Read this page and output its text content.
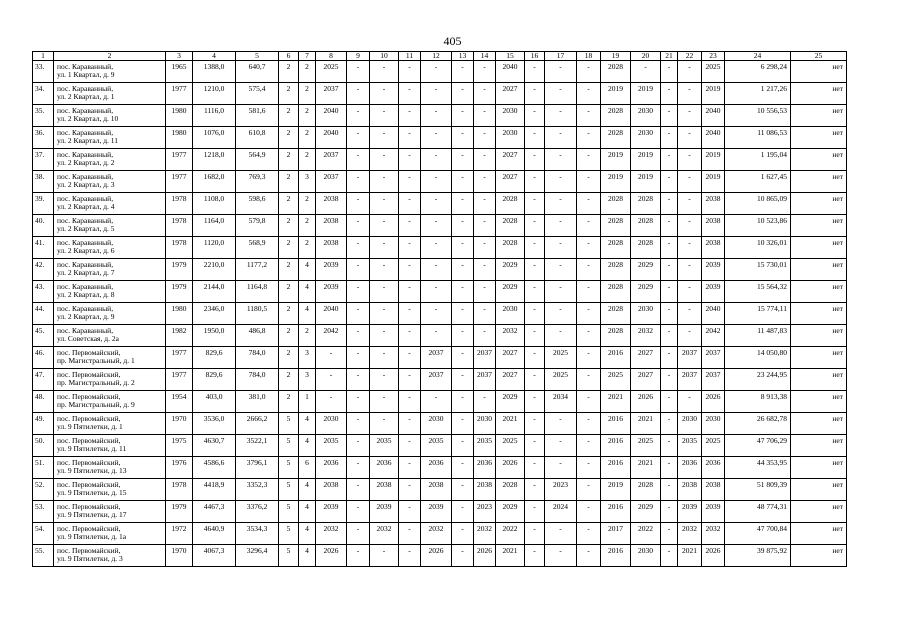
405
1	2	3	4	5	6	7	8	9	10	11	12	13	14	15	16	17	18	19	20	21	22	23	24	25
33.	пос. Караванный,
ул. 1 Квартал, д. 9	1965	1388,0	640,7	2	2	2025	-	-	-	-	-	-	2040	-	-	-	2028	-	-	-	2025	6 298,24	нет
34.	пос. Караванный,
ул. 2 Квартал, д. 1	1977	1210,0	575,4	2	2	2037	-	-	-	-	-	-	2027	-	-	-	2019	2019	-	-	2019	1 217,26	нет
35.	пос. Караванный,
ул. 2 Квартал, д. 10	1980	1116,0	581,6	2	2	2040	-	-	-	-	-	-	2030	-	-	-	2028	2030	-	-	2040	10 556,53	нет
36.	пос. Караванный,
ул. 2 Квартал, д. 11	1980	1076,0	610,8	2	2	2040	-	-	-	-	-	-	2030	-	-	-	2028	2030	-	-	2040	11 086,53	нет
37.	пос. Караванный,
ул. 2 Квартал, д. 2	1977	1218,0	564,9	2	2	2037	-	-	-	-	-	-	2027	-	-	-	2019	2019	-	-	2019	1 195,04	нет
38.	пос. Караванный,
ул. 2 Квартал, д. 3	1977	1682,0	769,3	2	3	2037	-	-	-	-	-	-	2027	-	-	-	2019	2019	-	-	2019	1 627,45	нет
39.	пос. Караванный,
ул. 2 Квартал, д. 4	1978	1108,0	598,6	2	2	2038	-	-	-	-	-	-	2028	-	-	-	2028	2028	-	-	2038	10 865,09	нет
40.	пос. Караванный,
ул. 2 Квартал, д. 5	1978	1164,0	579,8	2	2	2038	-	-	-	-	-	-	2028	-	-	-	2028	2028	-	-	2038	10 523,86	нет
41.	пос. Караванный,
ул. 2 Квартал, д. 6	1978	1120,0	568,9	2	2	2038	-	-	-	-	-	-	2028	-	-	-	2028	2028	-	-	2038	10 326,01	нет
42.	пос. Караванный,
ул. 2 Квартал, д. 7	1979	2210,0	1177,2	2	4	2039	-	-	-	-	-	-	2029	-	-	-	2028	2029	-	-	2039	15 730,01	нет
43.	пос. Караванный,
ул. 2 Квартал, д. 8	1979	2144,0	1164,8	2	4	2039	-	-	-	-	-	-	2029	-	-	-	2028	2029	-	-	2039	15 564,32	нет
44.	пос. Караванный,
ул. 2 Квартал, д. 9	1980	2346,0	1180,5	2	4	2040	-	-	-	-	-	-	2030	-	-	-	2028	2030	-	-	2040	15 774,11	нет
45.	пос. Караванный,
ул. Советская, д. 2а	1982	1950,0	486,8	2	2	2042	-	-	-	-	-	-	2032	-	-	-	2028	2032	-	-	2042	11 487,83	нет
46.	пос. Первомайский,
пр. Магистральный, д. 1	1977	829,6	784,0	2	3	-	-	-	-	2037	-	2037	2027	-	2025	-	2016	2027	-	2037	2037	14 050,80	нет
47.	пос. Первомайский,
пр. Магистральный, д. 2	1977	829,6	784,0	2	3	-	-	-	-	2037	-	2037	2027	-	2025	-	2025	2027	-	2037	2037	23 244,95	нет
48.	пос. Первомайский,
пр. Магистральный, д. 9	1954	403,0	381,0	2	1	-	-	-	-	-	-	-	2029	-	2034	-	2021	2026	-	-	2026	8 913,38	нет
49.	пос. Первомайский,
ул. 9 Пятилетки, д. 1	1970	3536,0	2666,2	5	4	2030	-	-	-	2030	-	2030	2021	-	-	-	2016	2021	-	2030	2030	26 682,78	нет
50.	пос. Первомайский,
ул. 9 Пятилетки, д. 11	1975	4630,7	3522,1	5	4	2035	-	2035	-	2035	-	2035	2025	-	-	-	2016	2025	-	2035	2025	47 706,29	нет
51.	пос. Первомайский,
ул. 9 Пятилетки, д. 13	1976	4586,6	3796,1	5	6	2036	-	2036	-	2036	-	2036	2026	-	-	-	2016	2021	-	2036	2036	44 353,95	нет
52.	пос. Первомайский,
ул. 9 Пятилетки, д. 15	1978	4418,9	3352,3	5	4	2038	-	2038	-	2038	-	2038	2028	-	2023	-	2019	2028	-	2038	2038	51 809,39	нет
53.	пос. Первомайский,
ул. 9 Пятилетки, д. 17	1979	4467,3	3376,2	5	4	2039	-	2039	-	2039	-	2023	2029	-	2024	-	2016	2029	-	2039	2039	48 774,31	нет
54.	пос. Первомайский,
ул. 9 Пятилетки, д. 1а	1972	4640,9	3534,3	5	4	2032	-	2032	-	2032	-	2032	2022	-	-	-	2017	2022	-	2032	2032	47 700,84	нет
55.	пос. Первомайский,
ул. 9 Пятилетки, д. 3	1970	4067,3	3296,4	5	4	2026	-	-	-	2026	-	2026	2021	-	-	-	2016	2030	-	2021	2026	39 875,92	нет
